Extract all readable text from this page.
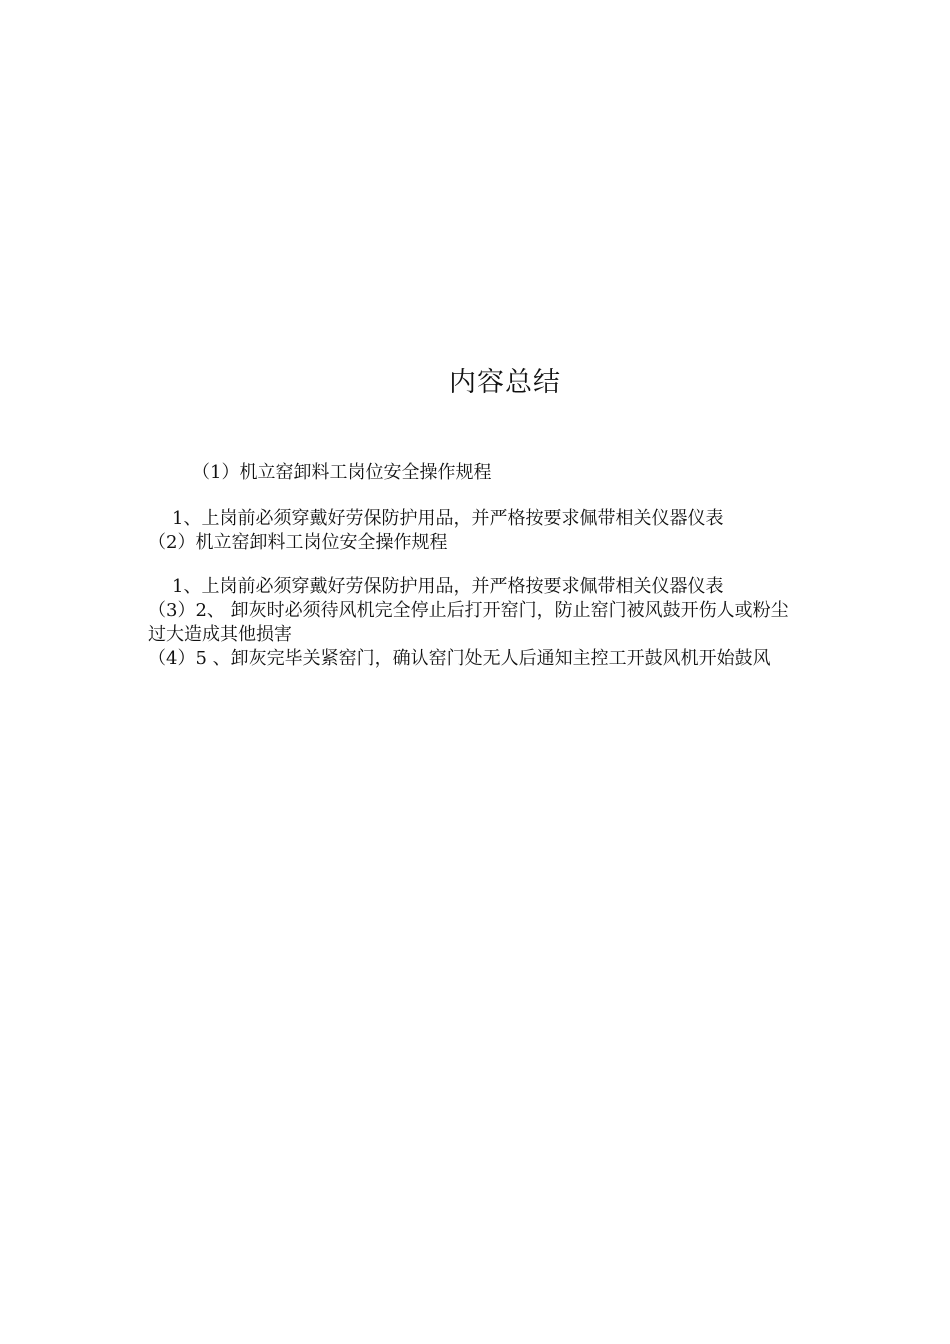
内容总结

（1）机立窑卸料工岗位安全操作规程

1、上岗前必须穿戴好劳保防护用品，并严格按要求佩带相关仪器仪表

（2）机立窑卸料工岗位安全操作规程

1、上岗前必须穿戴好劳保防护用品，并严格按要求佩带相关仪器仪表

（3）2、 卸灰时必须待风机完全停止后打开窑门，防止窑门被风鼓开伤人或粉尘过大造成其他损害

（4）5 、卸灰完毕关紧窑门，确认窑门处无人后通知主控工开鼓风机开始鼓风
